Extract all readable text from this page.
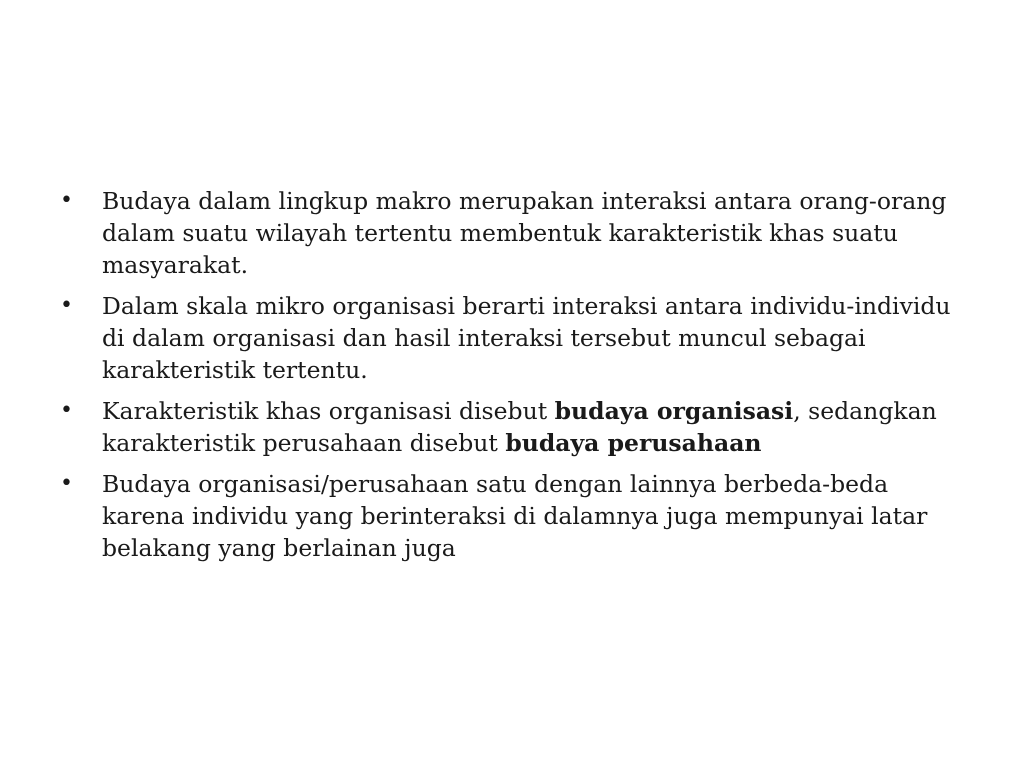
• Budaya dalam lingkup makro merupakan interaksi antara orang-orang dalam suatu wilayah tertentu membentuk karakteristik khas suatu masyarakat.
• Dalam skala mikro organisasi berarti interaksi antara individu-individu di dalam organisasi dan hasil interaksi tersebut muncul sebagai karakteristik tertentu.
• Karakteristik khas organisasi disebut budaya organisasi, sedangkan karakteristik perusahaan disebut budaya perusahaan
• Budaya organisasi/perusahaan satu dengan lainnya berbeda-beda karena individu yang berinteraksi di dalamnya juga mempunyai latar belakang yang berlainan juga
